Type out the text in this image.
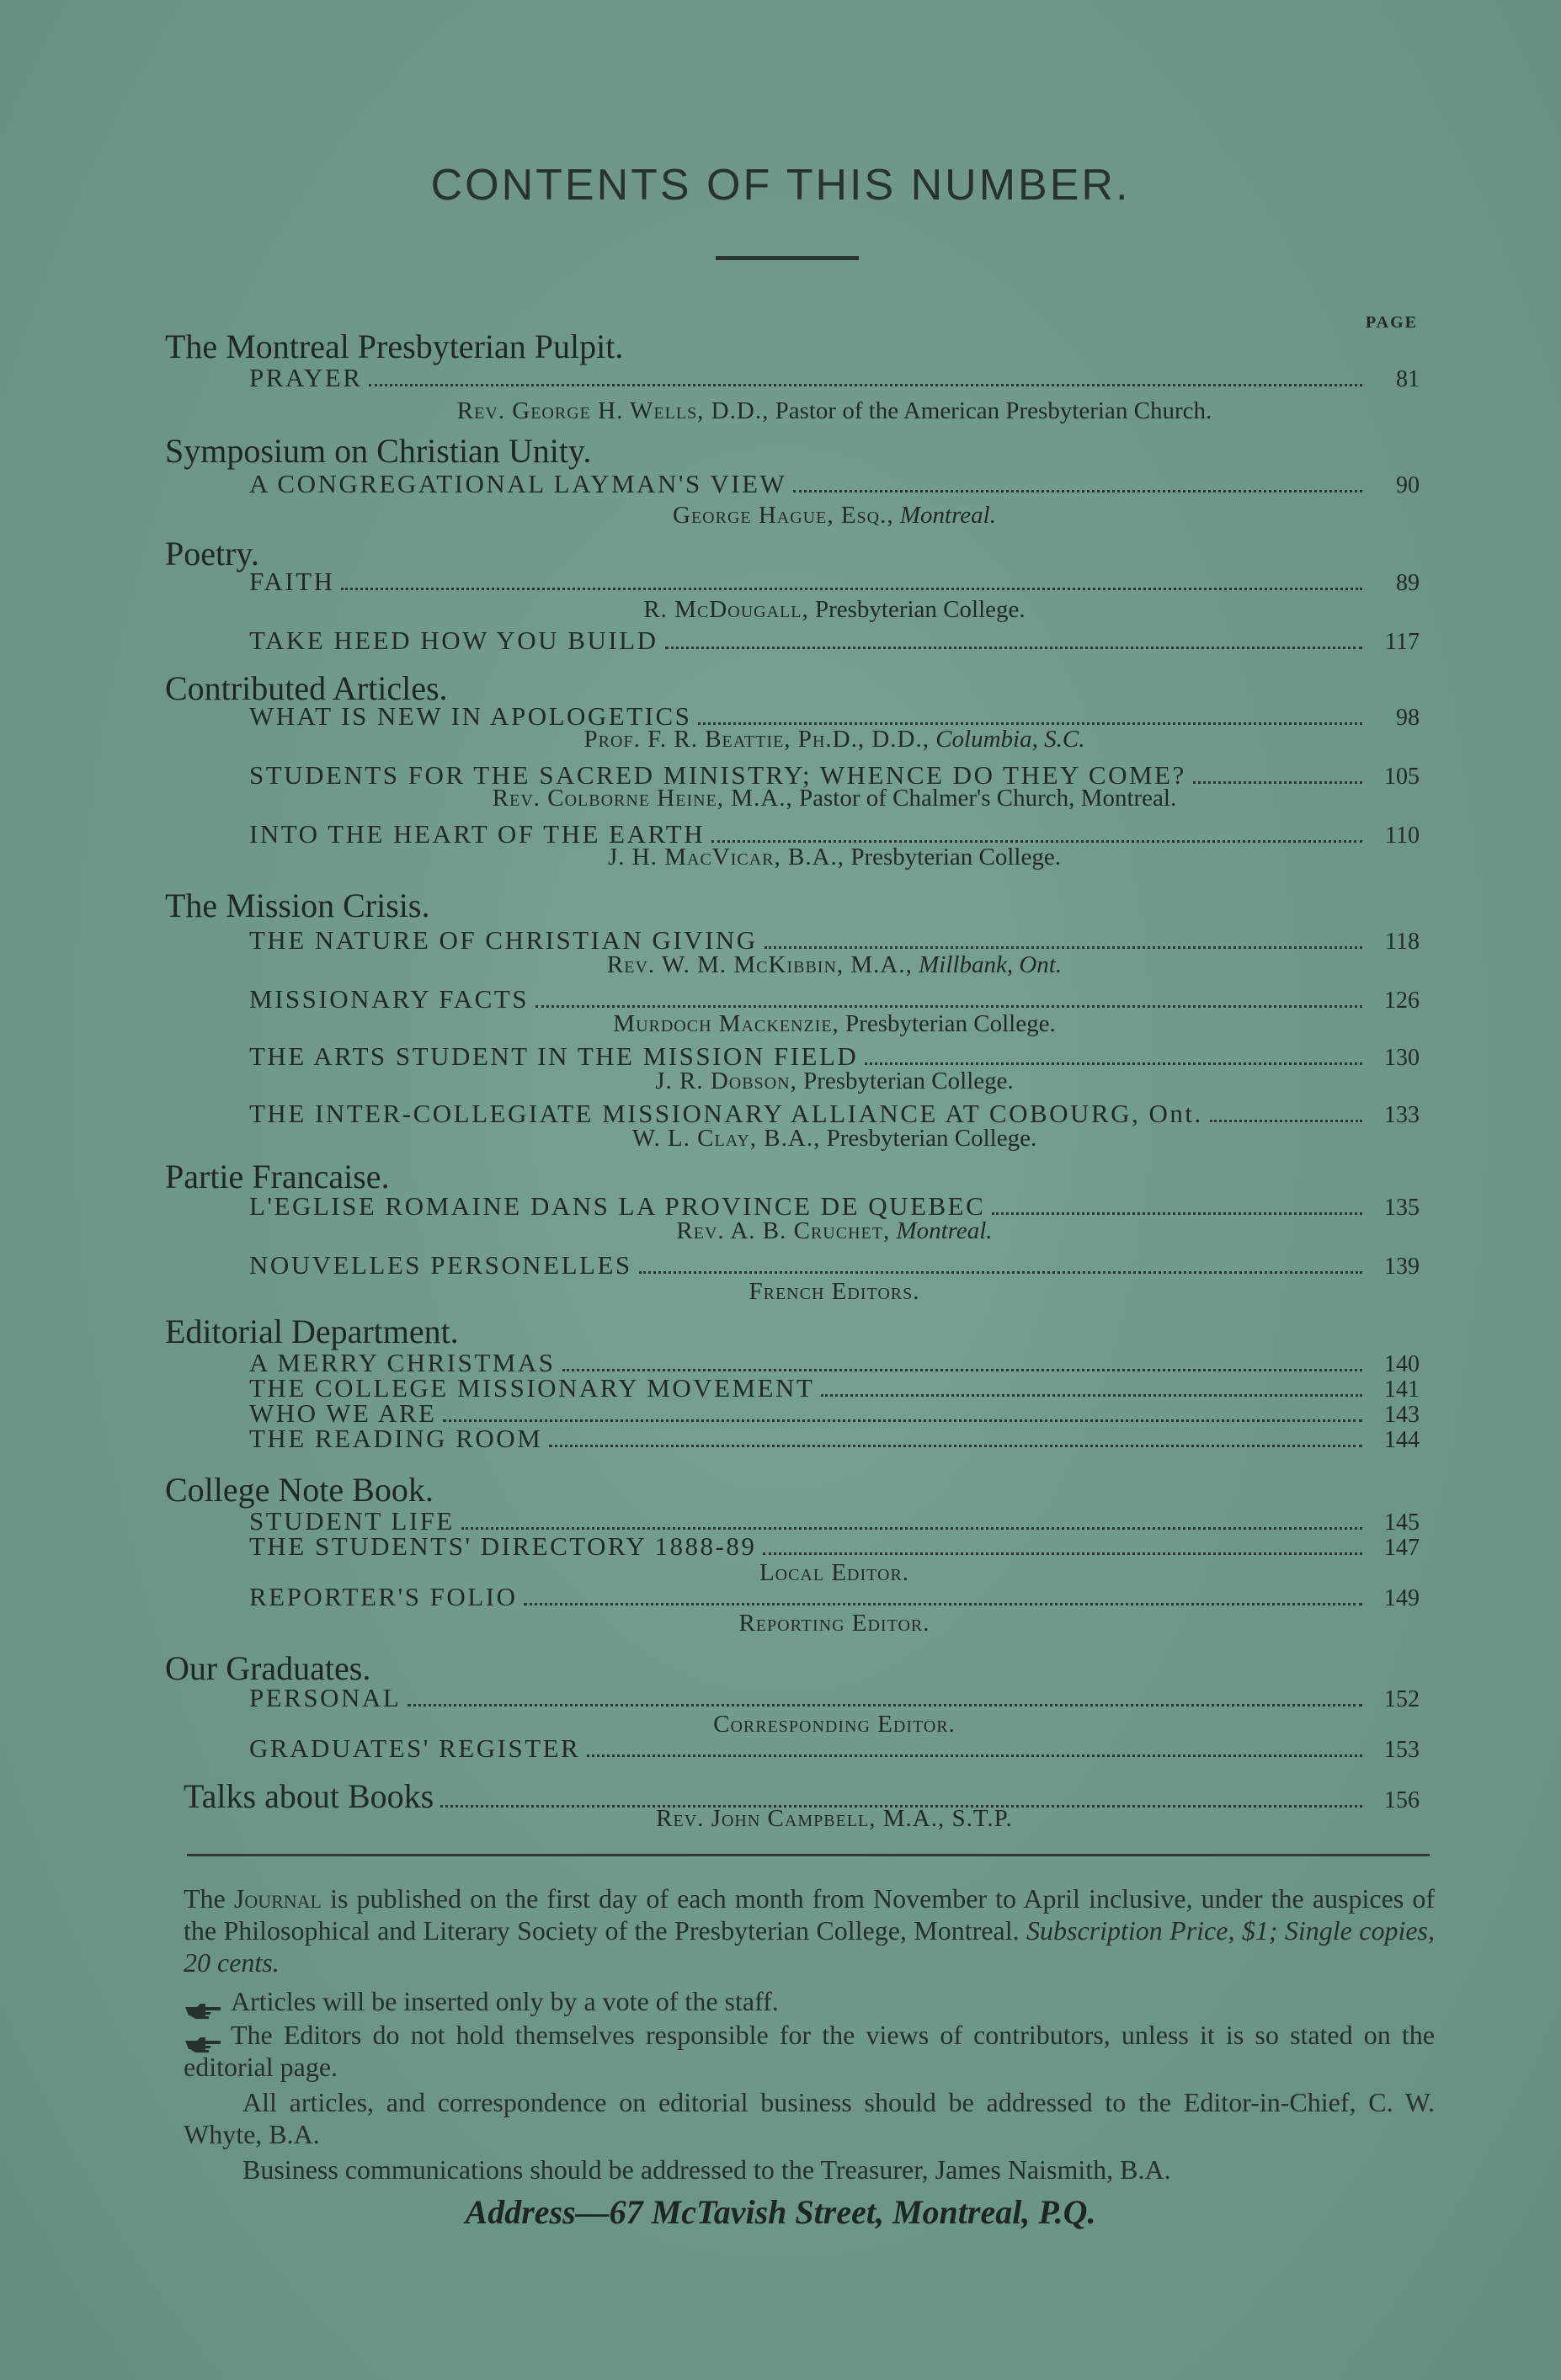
CONTENTS OF THIS NUMBER.
PAGE
The Montreal Presbyterian Pulpit.
PRAYER	81
Rev. George H. Wells, D.D., Pastor of the American Presbyterian Church.
Symposium on Christian Unity.
A CONGREGATIONAL LAYMAN'S VIEW	90
George Hague, Esq., Montreal.
Poetry.
FAITH	89
R. McDougall, Presbyterian College.
TAKE HEED HOW YOU BUILD	117
Contributed Articles.
WHAT IS NEW IN APOLOGETICS	98
Prof. F. R. Beattie, Ph.D., D.D., Columbia, S.C.
STUDENTS FOR THE SACRED MINISTRY; WHENCE DO THEY COME?	105
Rev. Colborne Heine, M.A., Pastor of Chalmer's Church, Montreal.
INTO THE HEART OF THE EARTH	110
J. H. MacVicar, B.A., Presbyterian College.
The Mission Crisis.
THE NATURE OF CHRISTIAN GIVING	118
Rev. W. M. McKibbin, M.A., Millbank, Ont.
MISSIONARY FACTS	126
Murdoch Mackenzie, Presbyterian College.
THE ARTS STUDENT IN THE MISSION FIELD	130
J. R. Dobson, Presbyterian College.
THE INTER-COLLEGIATE MISSIONARY ALLIANCE AT COBOURG, Ont.	133
W. L. Clay, B.A., Presbyterian College.
Partie Francaise.
L'EGLISE ROMAINE DANS LA PROVINCE DE QUEBEC	135
Rev. A. B. Cruchet, Montreal.
NOUVELLES PERSONELLES	139
French Editors.
Editorial Department.
A MERRY CHRISTMAS	140
THE COLLEGE MISSIONARY MOVEMENT	141
WHO WE ARE	143
THE READING ROOM	144
College Note Book.
STUDENT LIFE	145
THE STUDENTS' DIRECTORY 1888-89	147
Local Editor.
REPORTER'S FOLIO	149
Reporting Editor.
Our Graduates.
PERSONAL	152
Corresponding Editor.
GRADUATES' REGISTER	153
Talks about Books	156
Rev. John Campbell, M.A., S.T.P.
The Journal is published on the first day of each month from November to April inclusive, under the auspices of the Philosophical and Literary Society of the Presbyterian College, Montreal. Subscription Price, $1; Single copies, 20 cents.
Articles will be inserted only by a vote of the staff.
The Editors do not hold themselves responsible for the views of contributors, unless it is so stated on the editorial page.
All articles, and correspondence on editorial business should be addressed to the Editor-in-Chief, C. W. Whyte, B.A.
Business communications should be addressed to the Treasurer, James Naismith, B.A.
Address—67 McTavish Street, Montreal, P.Q.
